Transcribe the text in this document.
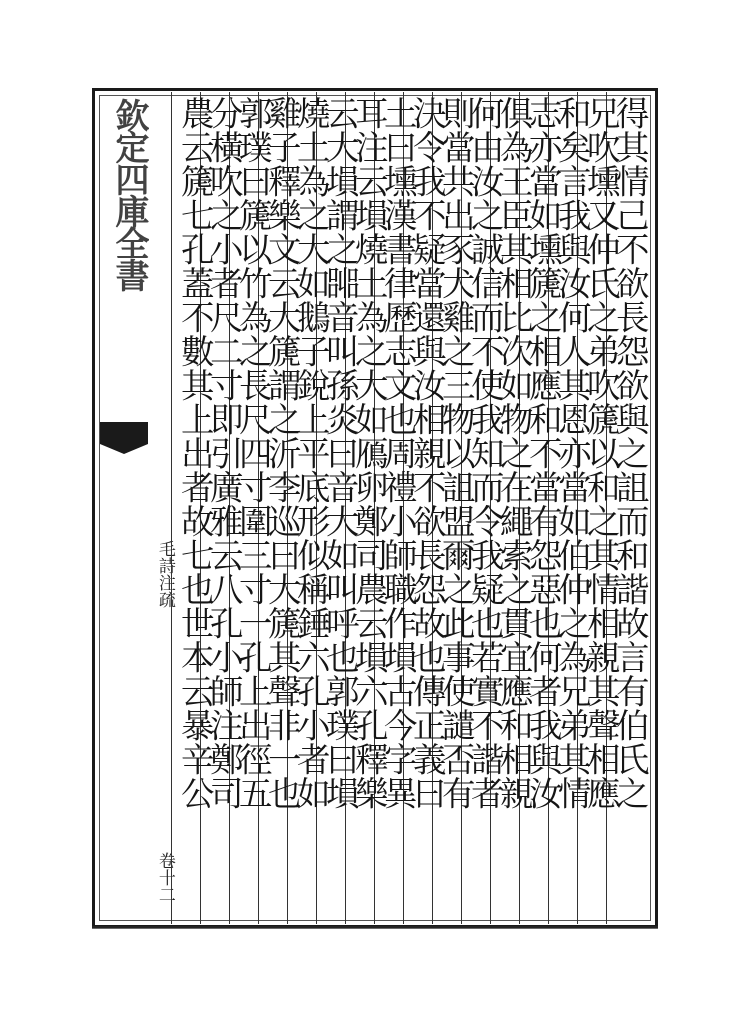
欽定四庫全書
毛詩注疏
卷十二
得其情己不欲長怨欲與之詛而和諧故言有伯氏之
兄吹壎又仲氏之弟吹篪以和之其情相親其聲相應
和矣言我與汝何人其恩亦當如伯仲之為兄弟其情
志亦當如壎篪之相應和不當有怨惡也何者我與汝
俱為王臣其相比次如物之在繩索之貫宜應和相親
何由汝之誠信而不使我知而令我疑也若實不諧者
則當共出豕犬雞之三物以詛盟爾之此事使譴否有
決令我不疑當還與汝相親不欲長怨故也傳正義曰
土曰壎漢書律歷志文也周禮小師職作塤古今字異
耳注云塤燒土為之大如鴈卵鄭司農云塤六孔釋樂
云大塤謂之嘂音叫孫炎曰音大如叫呼也郭璞曰塤
燒土為之大如鵝子銳上平底形似稱錘六孔小者如
雞子釋樂文云大篪謂之沂李巡曰大篪其聲非一也
郭璞曰篪以竹為之長尺四寸圍三寸一孔上出徑五
分橫吹之小者尺二寸即引廣雅云八孔小師注鄭司
農云篪七孔蓋不數其上出者故七也世本云暴辛公
